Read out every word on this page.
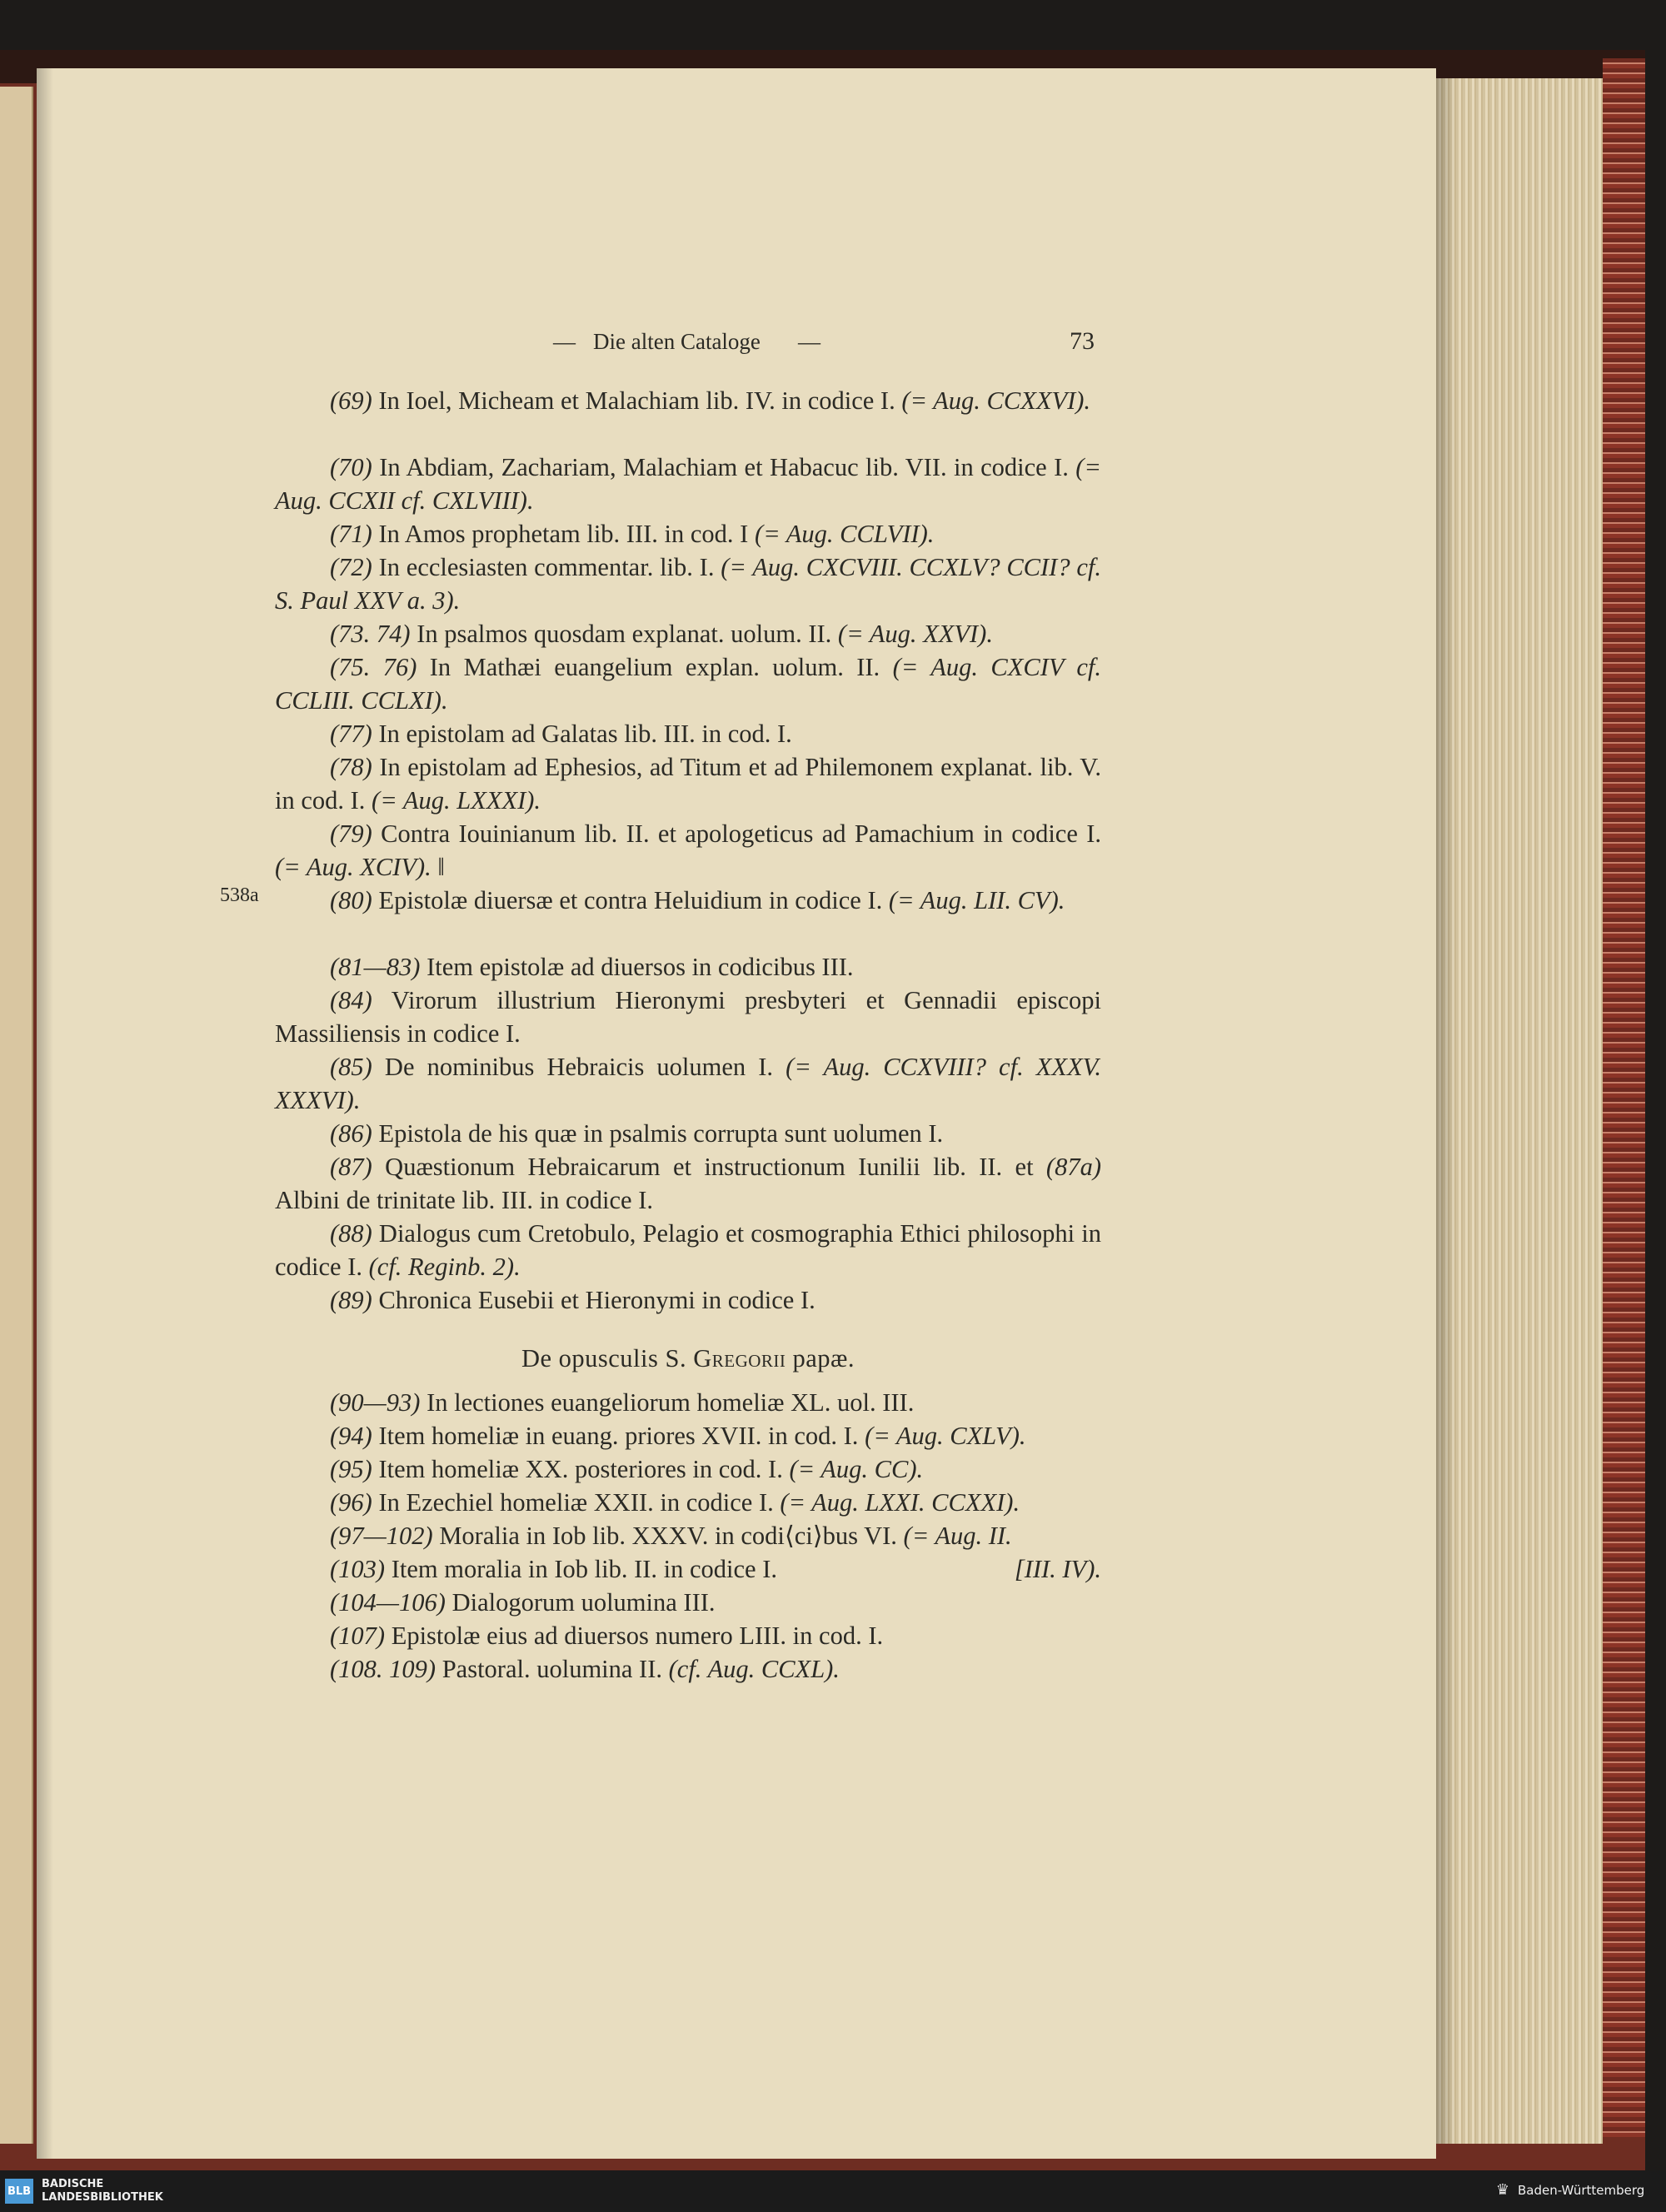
— Die alten Cataloge —	73
538a

(69) In Ioel, Micheam et Malachiam lib. IV. in codice I. (= Aug. CCXXVI).

(70) In Abdiam, Zachariam, Malachiam et Habacuc lib. VII. in codice I. (= Aug. CCXII cf. CXLVIII).

(71) In Amos prophetam lib. III. in cod. I (= Aug. CCLVII).

(72) In ecclesiasten commentar. lib. I. (= Aug. CXCVIII. CCXLV? CCII? cf. S. Paul XXV a. 3).

(73. 74) In psalmos quosdam explanat. uolum. II. (= Aug. XXVI).

(75. 76) In Mathæi euangelium explan. uolum. II. (= Aug. CXCIV cf. CCLIII. CCLXI).

(77) In epistolam ad Galatas lib. III. in cod. I.

(78) In epistolam ad Ephesios, ad Titum et ad Philemonem explanat. lib. V. in cod. I. (= Aug. LXXXI).

(79) Contra Iouinianum lib. II. et apologeticus ad Pamachium in codice I. (= Aug. XCIV). ‖

(80) Epistolæ diuersæ et contra Heluidium in codice I. (= Aug. LII. CV).

(81—83) Item epistolæ ad diuersos in codicibus III.

(84) Virorum illustrium Hieronymi presbyteri et Gennadii episcopi Massiliensis in codice I.

(85) De nominibus Hebraicis uolumen I. (= Aug. CCXVIII? cf. XXXV. XXXVI).

(86) Epistola de his quæ in psalmis corrupta sunt uolumen I.

(87) Quæstionum Hebraicarum et instructionum Iunilii lib. II. et (87a) Albini de trinitate lib. III. in codice I.

(88) Dialogus cum Cretobulo, Pelagio et cosmographia Ethici philosophi in codice I. (cf. Reginb. 2).

(89) Chronica Eusebii et Hieronymi in codice I.

De opusculis S. Gregorii papæ.

(90—93) In lectiones euangeliorum homeliæ XL. uol. III.

(94) Item homeliæ in euang. priores XVII. in cod. I. (= Aug. CXLV).

(95) Item homeliæ XX. posteriores in cod. I. (= Aug. CC).

(96) In Ezechiel homeliæ XXII. in codice I. (= Aug. LXXI. CCXXI).

(97—102) Moralia in Iob lib. XXXV. in codi⟨ci⟩bus VI. (= Aug. II.

(103) Item moralia in Iob lib. II. in codice I.	[III. IV).

(104—106) Dialogorum uolumina III.

(107) Epistolæ eius ad diuersos numero LIII. in cod. I.

(108. 109) Pastoral. uolumina II. (cf. Aug. CCXL).

BLB
BADISCHE
LANDESBIBLIOTHEK	♛ Baden-Württemberg
